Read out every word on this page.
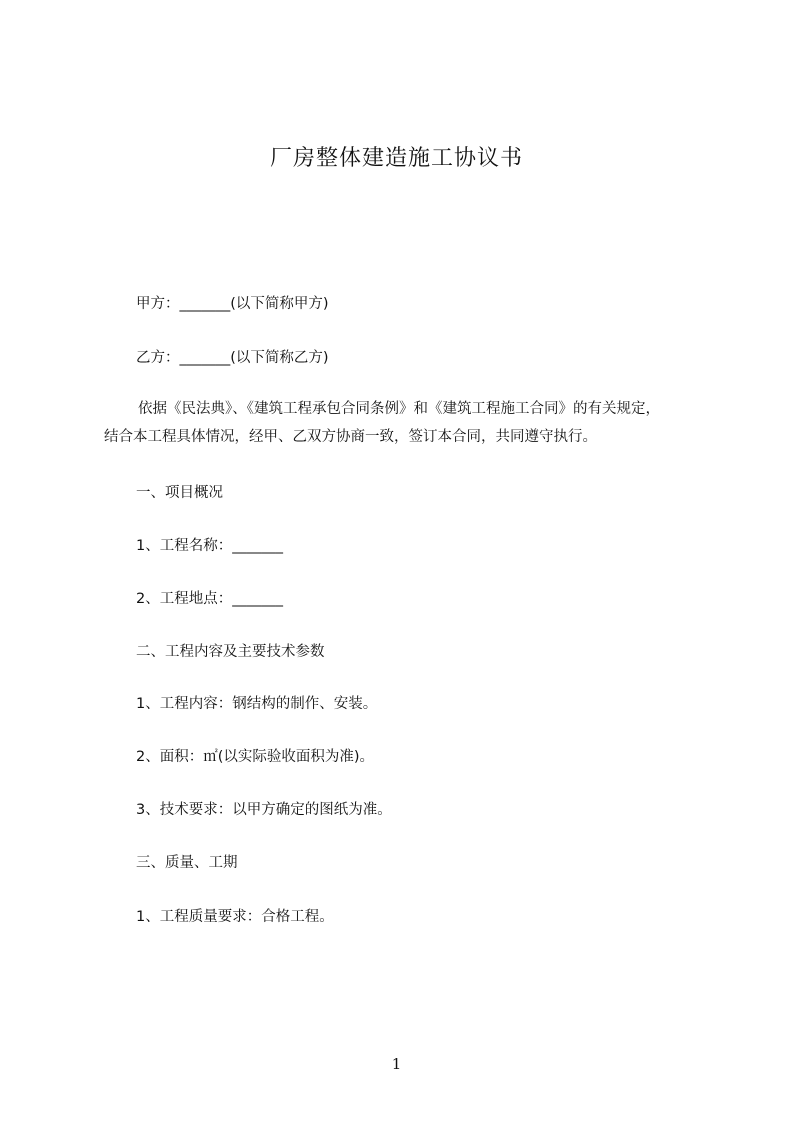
厂房整体建造施工协议书
甲方：_______(以下简称甲方)
乙方：_______(以下简称乙方)
依据《民法典》、《建筑工程承包合同条例》和《建筑工程施工合同》的有关规定，
结合本工程具体情况，经甲、乙双方协商一致，签订本合同，共同遵守执行。
一、项目概况
1、工程名称：_______
2、工程地点：_______
二、工程内容及主要技术参数
1、工程内容：钢结构的制作、安装。
2、面积：㎡(以实际验收面积为准)。
3、技术要求：以甲方确定的图纸为准。
三、质量、工期
1、工程质量要求：合格工程。
1
